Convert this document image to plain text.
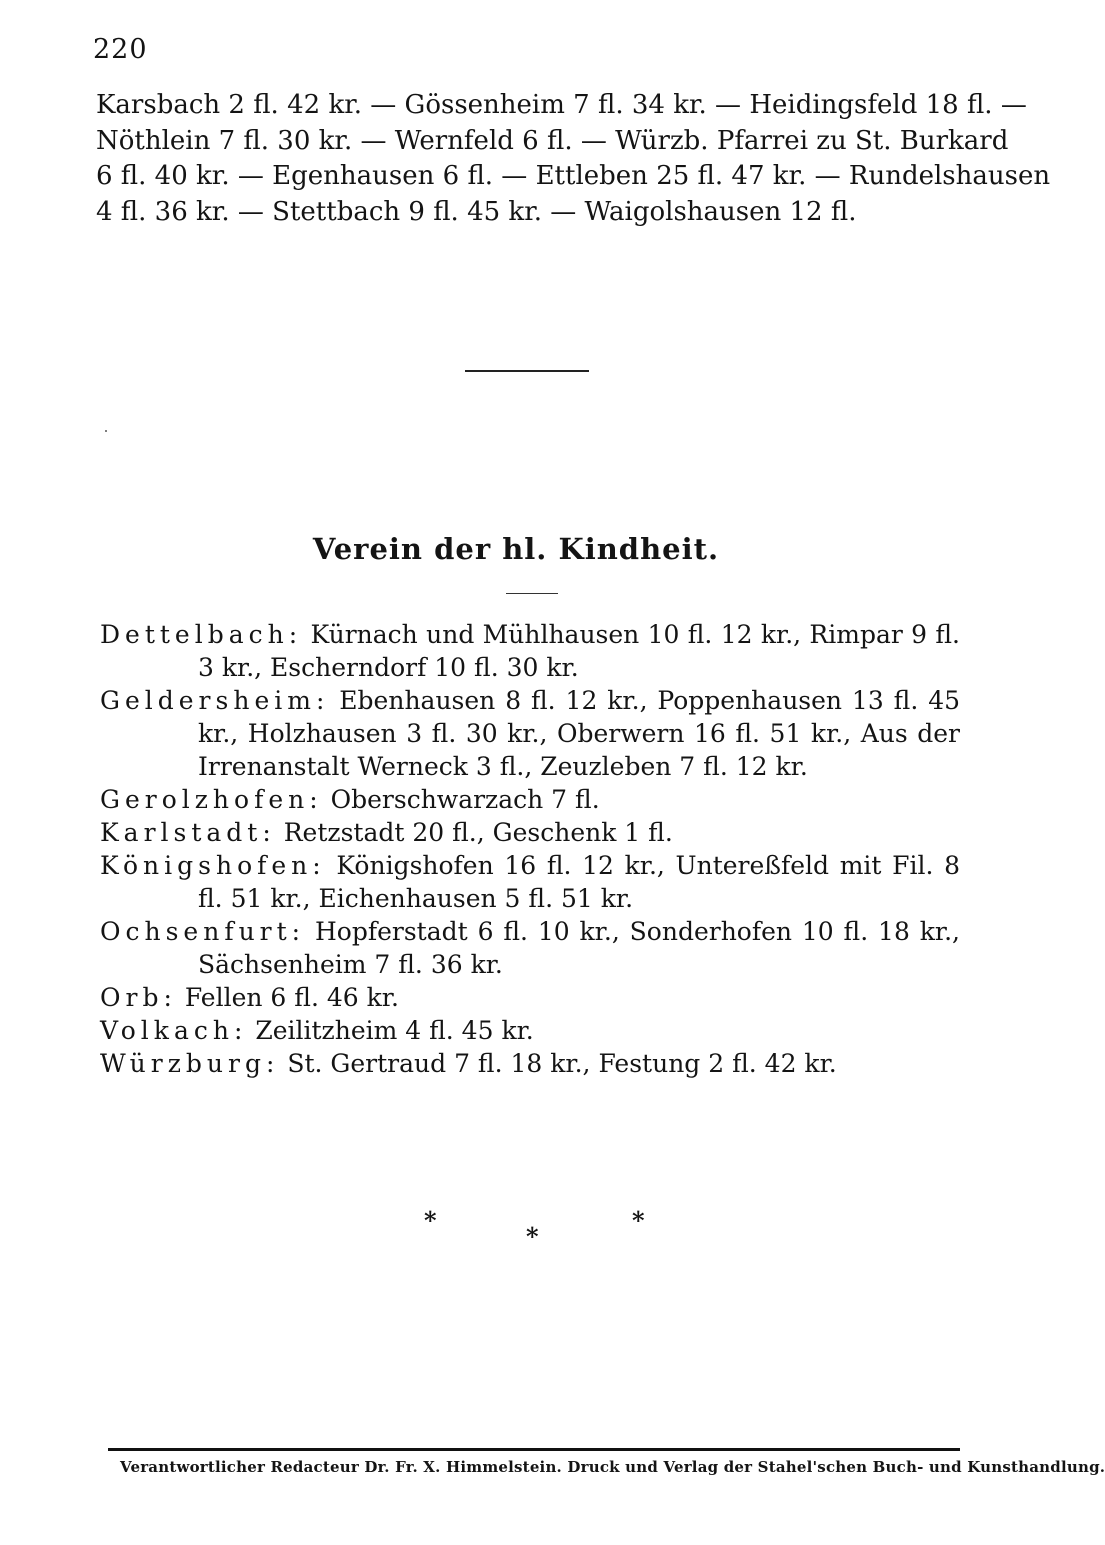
220
Karsbach 2 fl. 42 kr. — Gössenheim 7 fl. 34 kr. — Heidingsfeld 18 fl. —
Nöthlein 7 fl. 30 kr. — Wernfeld 6 fl. — Würzb. Pfarrei zu St. Burkard
6 fl. 40 kr. — Egenhausen 6 fl. — Ettleben 25 fl. 47 kr. — Rundelshausen
4 fl. 36 kr. — Stettbach 9 fl. 45 kr. — Waigolshausen 12 fl.
Verein der hl. Kindheit.
Dettelbach: Kürnach und Mühlhausen 10 fl. 12 kr., Rimpar 9 fl. 3 kr., Escherndorf 10 fl. 30 kr.
Geldersheim: Ebenhausen 8 fl. 12 kr., Poppenhausen 13 fl. 45 kr., Holzhausen 3 fl. 30 kr., Oberwern 16 fl. 51 kr., Aus der Irrenanstalt Werneck 3 fl., Zeuzleben 7 fl. 12 kr.
Gerolzhofen: Oberschwarzach 7 fl.
Karlstadt: Retzstadt 20 fl., Geschenk 1 fl.
Königshofen: Königshofen 16 fl. 12 kr., Untereßfeld mit Fil. 8 fl. 51 kr., Eichenhausen 5 fl. 51 kr.
Ochsenfurt: Hopferstadt 6 fl. 10 kr., Sonderhofen 10 fl. 18 kr., Sächsenheim 7 fl. 36 kr.
Orb: Fellen 6 fl. 46 kr.
Volkach: Zeilitzheim 4 fl. 45 kr.
Würzburg: St. Gertraud 7 fl. 18 kr., Festung 2 fl. 42 kr.
*
*
*
Verantwortlicher Redacteur Dr. Fr. X. Himmelstein. Druck und Verlag der Stahel'schen Buch- und Kunsthandlung.
